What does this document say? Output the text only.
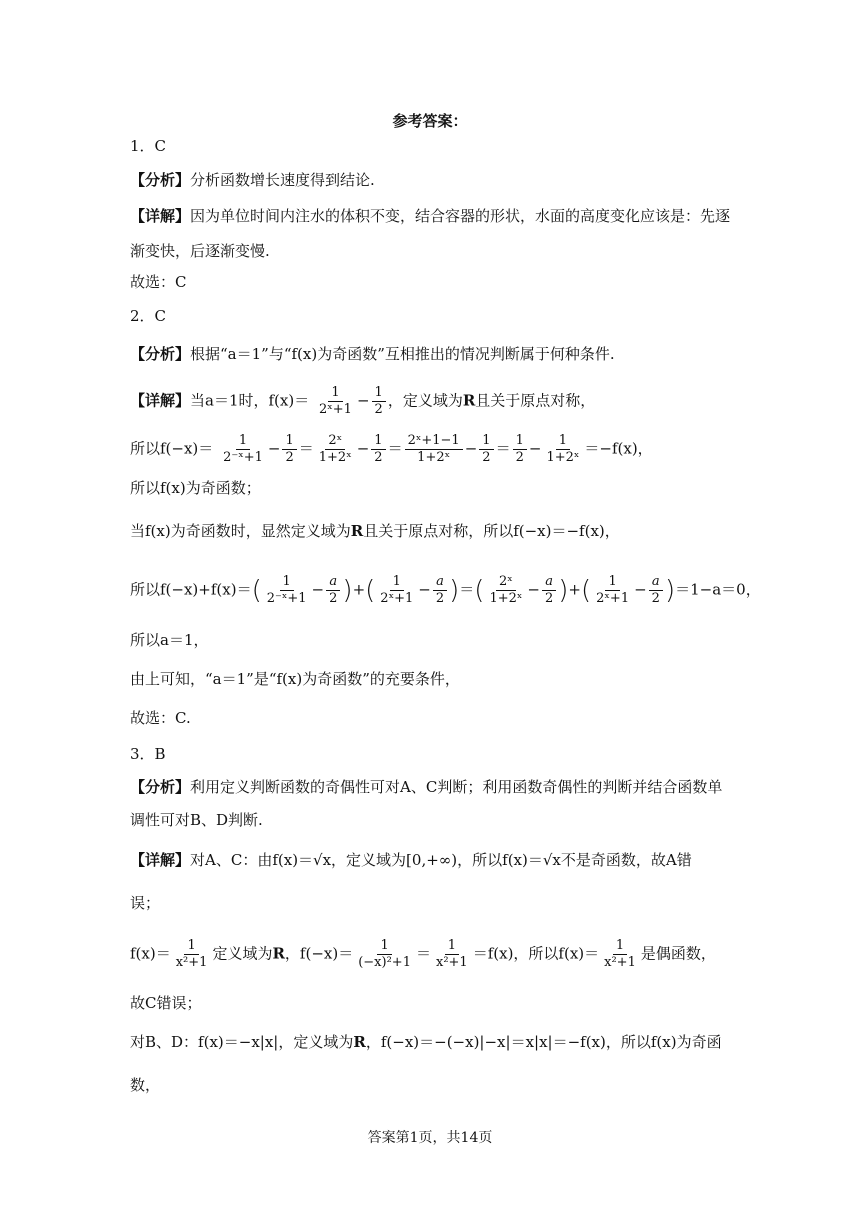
参考答案：
1．C
【分析】分析函数增长速度得到结论.
【详解】因为单位时间内注水的体积不变，结合容器的形状，水面的高度变化应该是：先逐
渐变快，后逐渐变慢.
故选：C
2．C
【分析】根据“a＝1”与“f(x)为奇函数”互相推出的情况判断属于何种条件.
【详解】当a＝1时，$f(x)= \frac{1}{\text{2ˣ+1}} - \frac{1}{2}$ ，定义域为R且关于原点对称，
所以$f(-x)= \frac{1}{\text{2⁻ˣ+1}} - \frac{1}{2} = \frac{\text{2ˣ}}{\text{1+2ˣ}} - \frac{1}{2} = \frac{\text{2ˣ+1−1}}{\text{1+2ˣ}} - \frac{1}{2} = \frac{1}{2} - \frac{1}{\text{1+2ˣ}} =-f(x)$，
所以f(x)为奇函数；
当f(x)为奇函数时，显然定义域为R且关于原点对称，所以f(−x)＝−f(x)，
所以$f(-x)+f(x)=( \frac{1}{\text{2⁻ˣ+1}} - \frac{a}{2}$ )+( $\frac{1}{\text{2ˣ+1}} - \frac{a}{2}$ )＝( $\frac{\text{2ˣ}}{\text{1+2ˣ}} - \frac{a}{2}$ )+( $\frac{1}{\text{2ˣ+1}} - \frac{a}{2} )=1-a=0$，
所以a＝1，
由上可知，“a＝1”是“f(x)为奇函数”的充要条件，
故选：C.
3．B
【分析】利用定义判断函数的奇偶性可对A、C判断；利用函数奇偶性的判断并结合函数单
调性可对B、D判断.
【详解】对A、C：由f(x)＝√x，定义域为[0,+∞)，所以f(x)＝√x不是奇函数，故A错
误；
$f(x)= \frac{1}{\text{x²+1}}$ 定义域为R，$f(-x)= \frac{1}{\text{(−x)²+1}} = \frac{1}{\text{x²+1}} =f(x)$，所以$f(x)= \frac{1}{\text{x²+1}}$ 是偶函数，
故C错误；
对B、D：f(x)＝−x|x|，定义域为R，f(−x)＝−(−x)|−x|＝x|x|＝−f(x)，所以f(x)为奇函
数，
答案第1页，共14页
